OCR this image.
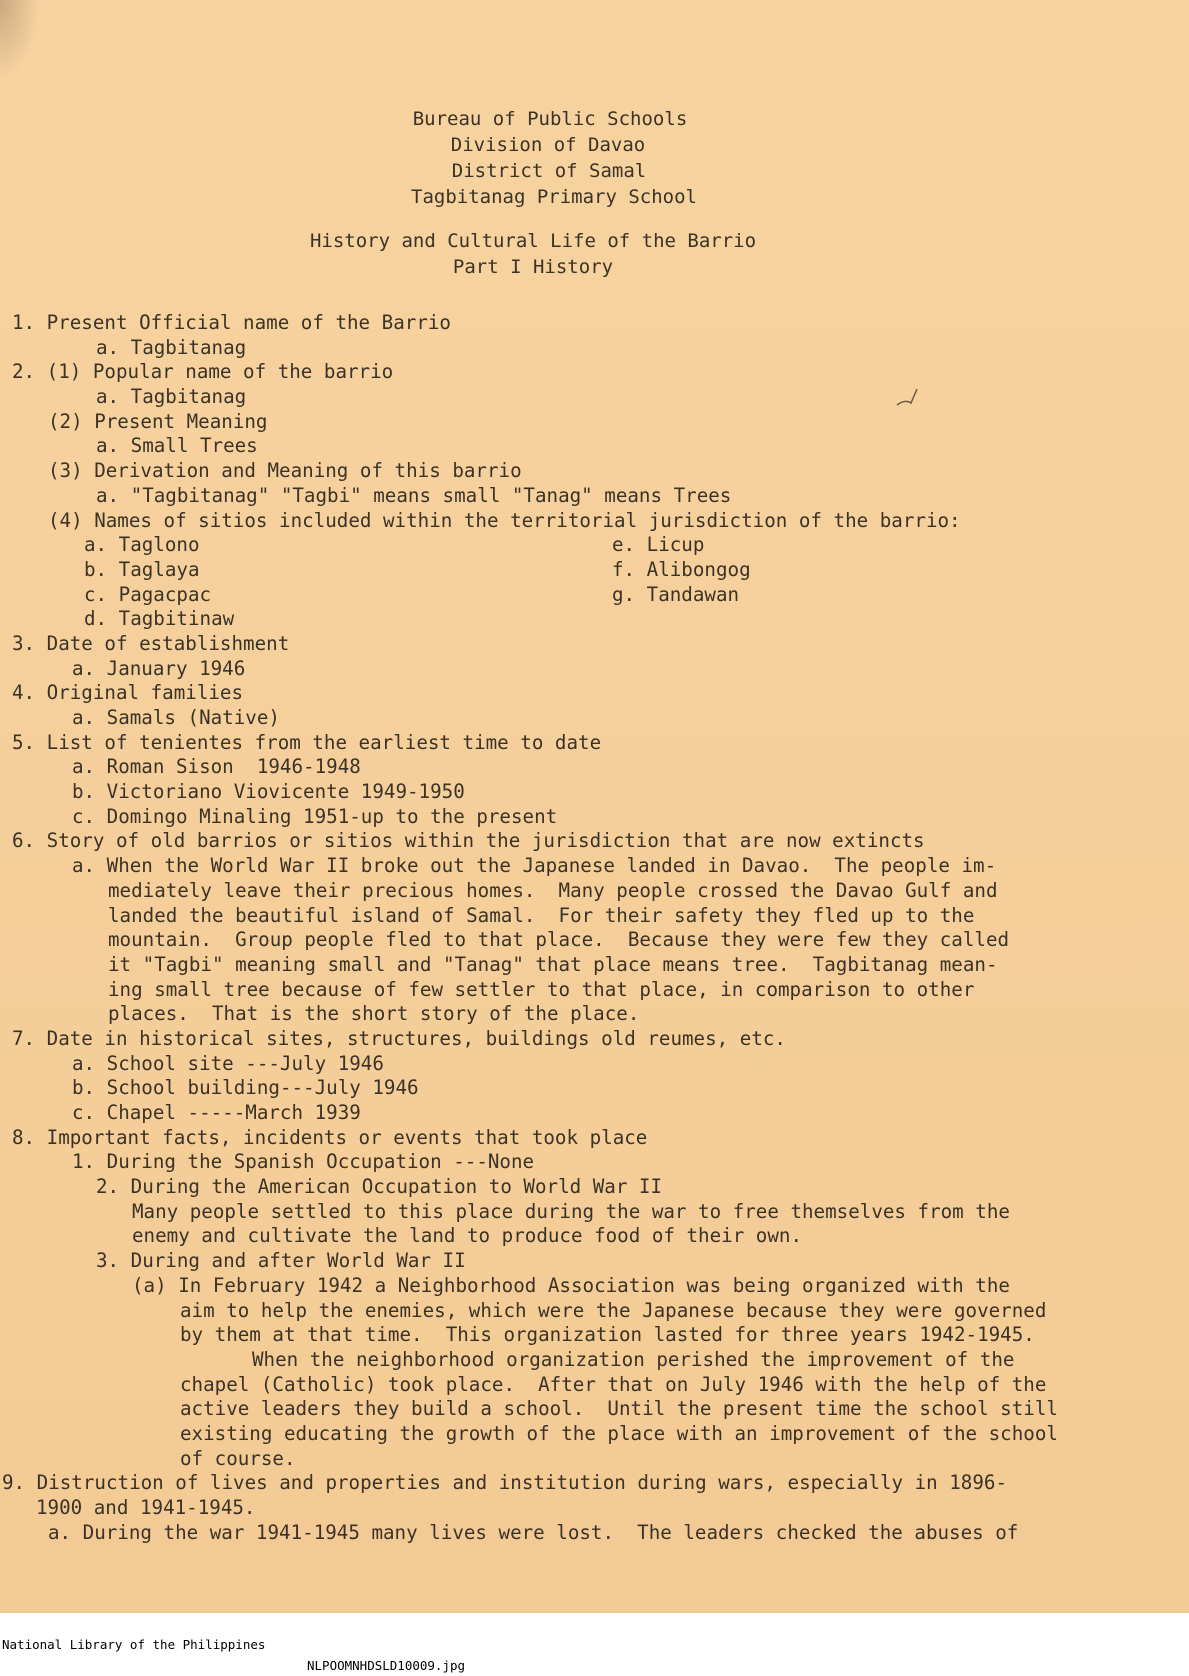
Bureau of Public Schools
Division of Davao
District of Samal
Tagbitanag Primary School
History and Cultural Life of the Barrio
Part I History
1. Present Official name of the Barrio
a. Tagbitanag
2. (1) Popular name of the barrio
a. Tagbitanag
(2) Present Meaning
a. Small Trees
(3) Derivation and Meaning of this barrio
a. "Tagbitanag" "Tagbi" means small "Tanag" means Trees
(4) Names of sitios included within the territorial jurisdiction of the barrio:
a. Taglono	e. Licup
b. Taglaya	f. Alibongog
c. Pagacpac	g. Tandawan
d. Tagbitinaw
3. Date of establishment
a. January 1946
4. Original families
a. Samals (Native)
5. List of tenientes from the earliest time to date
a. Roman Sison  1946-1948
b. Victoriano Viovicente 1949-1950
c. Domingo Minaling 1951-up to the present
6. Story of old barrios or sitios within the jurisdiction that are now extincts
a. When the World War II broke out the Japanese landed in Davao.  The people im-
mediately leave their precious homes.  Many people crossed the Davao Gulf and
landed the beautiful island of Samal.  For their safety they fled up to the
mountain.  Group people fled to that place.  Because they were few they called
it "Tagbi" meaning small and "Tanag" that place means tree.  Tagbitanag mean-
ing small tree because of few settler to that place, in comparison to other
places.  That is the short story of the place.
7. Date in historical sites, structures, buildings old reumes, etc.
a. School site ---July 1946
b. School building---July 1946
c. Chapel -----March 1939
8. Important facts, incidents or events that took place
1. During the Spanish Occupation ---None
2. During the American Occupation to World War II
Many people settled to this place during the war to free themselves from the
enemy and cultivate the land to produce food of their own.
3. During and after World War II
(a) In February 1942 a Neighborhood Association was being organized with the
aim to help the enemies, which were the Japanese because they were governed
by them at that time.  This organization lasted for three years 1942-1945.
When the neighborhood organization perished the improvement of the
chapel (Catholic) took place.  After that on July 1946 with the help of the
active leaders they build a school.  Until the present time the school still
existing educating the growth of the place with an improvement of the school
of course.
9. Distruction of lives and properties and institution during wars, especially in 1896-
1900 and 1941-1945.
a. During the war 1941-1945 many lives were lost.  The leaders checked the abuses of

National Library of the Philippines

NLPOOMNHDSLD10009.jpg
